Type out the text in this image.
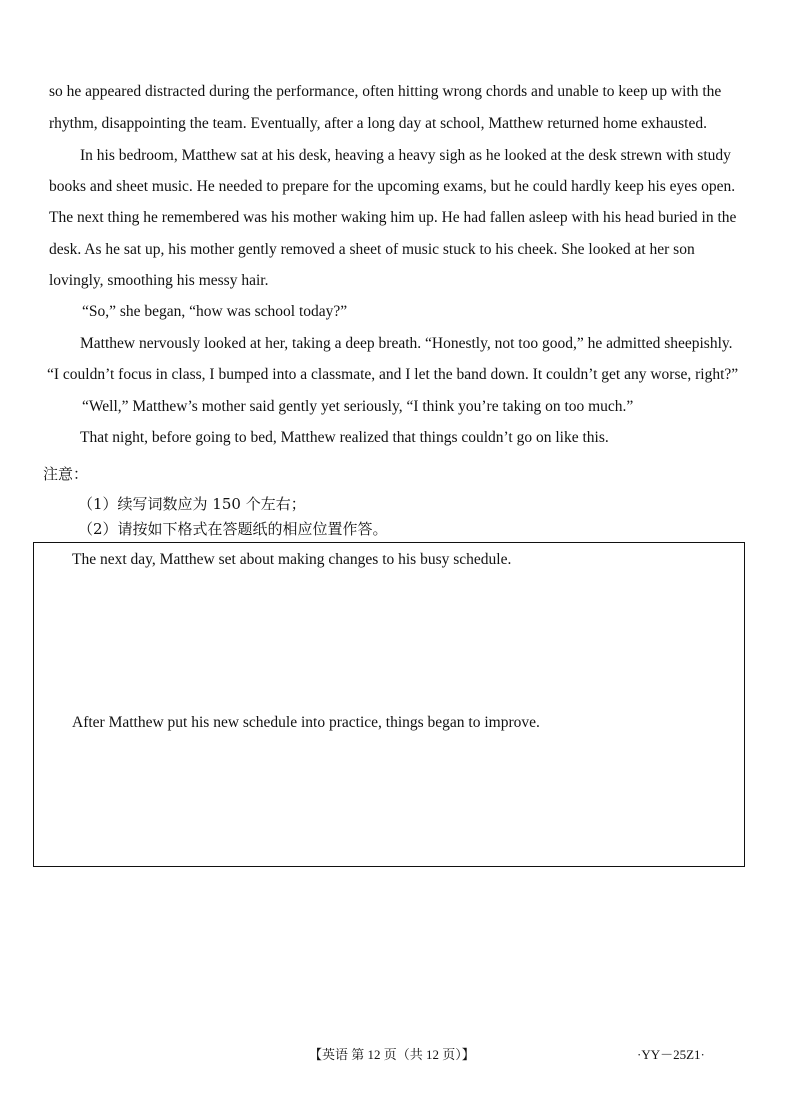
so he appeared distracted during the performance, often hitting wrong chords and unable to keep up with the

rhythm, disappointing the team. Eventually, after a long day at school, Matthew returned home exhausted.

In his bedroom, Matthew sat at his desk, heaving a heavy sigh as he looked at the desk strewn with study

books and sheet music. He needed to prepare for the upcoming exams, but he could hardly keep his eyes open.

The next thing he remembered was his mother waking him up. He had fallen asleep with his head buried in the

desk. As he sat up, his mother gently removed a sheet of music stuck to his cheek. She looked at her son

lovingly, smoothing his messy hair.

“So,” she began, “how was school today?”

Matthew nervously looked at her, taking a deep breath. “Honestly, not too good,” he admitted sheepishly.

“I couldn’t focus in class, I bumped into a classmate, and I let the band down. It couldn’t get any worse, right?”

“Well,” Matthew’s mother said gently yet seriously, “I think you’re taking on too much.”

That night, before going to bed, Matthew realized that things couldn’t go on like this.

注意：
（1）续写词数应为 150 个左右；
（2）请按如下格式在答题纸的相应位置作答。
The next day, Matthew set about making changes to his busy schedule.
After Matthew put his new schedule into practice, things began to improve.
【英语 第 12 页（共 12 页）】	·YY－25Z1·
